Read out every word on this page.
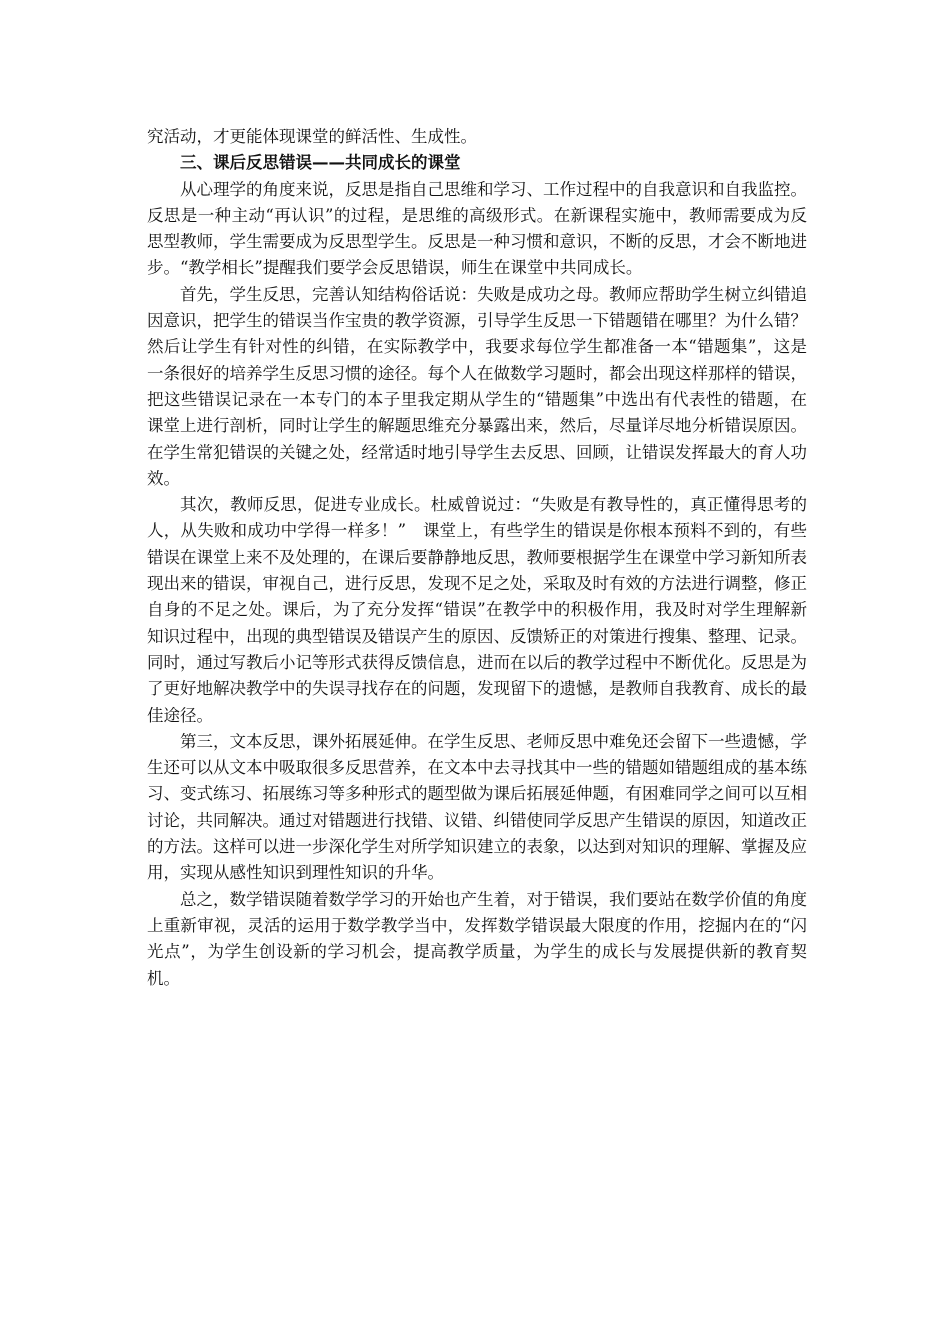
究活动，才更能体现课堂的鲜活性、生成性。

三、课后反思错误——共同成长的课堂

从心理学的角度来说，反思是指自己思维和学习、工作过程中的自我意识和自我监控。反思是一种主动“再认识”的过程，是思维的高级形式。在新课程实施中，教师需要成为反思型教师，学生需要成为反思型学生。反思是一种习惯和意识，不断的反思，才会不断地进步。“教学相长”提醒我们要学会反思错误，师生在课堂中共同成长。

首先，学生反思，完善认知结构俗话说：失败是成功之母。教师应帮助学生树立纠错追因意识，把学生的错误当作宝贵的教学资源，引导学生反思一下错题错在哪里？为什么错？然后让学生有针对性的纠错，在实际教学中，我要求每位学生都准备一本“错题集”，这是一条很好的培养学生反思习惯的途径。每个人在做数学习题时，都会出现这样那样的错误，把这些错误记录在一本专门的本子里我定期从学生的“错题集”中选出有代表性的错题，在课堂上进行剖析，同时让学生的解题思维充分暴露出来，然后，尽量详尽地分析错误原因。在学生常犯错误的关键之处，经常适时地引导学生去反思、回顾，让错误发挥最大的育人功效。

其次，教师反思，促进专业成长。杜威曾说过：“失败是有教导性的，真正懂得思考的人，从失败和成功中学得一样多！”　课堂上，有些学生的错误是你根本预料不到的，有些错误在课堂上来不及处理的，在课后要静静地反思，教师要根据学生在课堂中学习新知所表现出来的错误，审视自己，进行反思，发现不足之处，采取及时有效的方法进行调整，修正自身的不足之处。课后，为了充分发挥“错误”在教学中的积极作用，我及时对学生理解新知识过程中，出现的典型错误及错误产生的原因、反馈矫正的对策进行搜集、整理、记录。同时，通过写教后小记等形式获得反馈信息，进而在以后的教学过程中不断优化。反思是为了更好地解决教学中的失误寻找存在的问题，发现留下的遗憾，是教师自我教育、成长的最佳途径。

第三，文本反思，课外拓展延伸。在学生反思、老师反思中难免还会留下一些遗憾，学生还可以从文本中吸取很多反思营养，在文本中去寻找其中一些的错题如错题组成的基本练习、变式练习、拓展练习等多种形式的题型做为课后拓展延伸题，有困难同学之间可以互相讨论，共同解决。通过对错题进行找错、议错、纠错使同学反思产生错误的原因，知道改正的方法。这样可以进一步深化学生对所学知识建立的表象，以达到对知识的理解、掌握及应用，实现从感性知识到理性知识的升华。

总之，数学错误随着数学学习的开始也产生着，对于错误，我们要站在数学价值的角度上重新审视，灵活的运用于数学教学当中，发挥数学错误最大限度的作用，挖掘内在的“闪光点”，为学生创设新的学习机会，提高教学质量，为学生的成长与发展提供新的教育契机。
